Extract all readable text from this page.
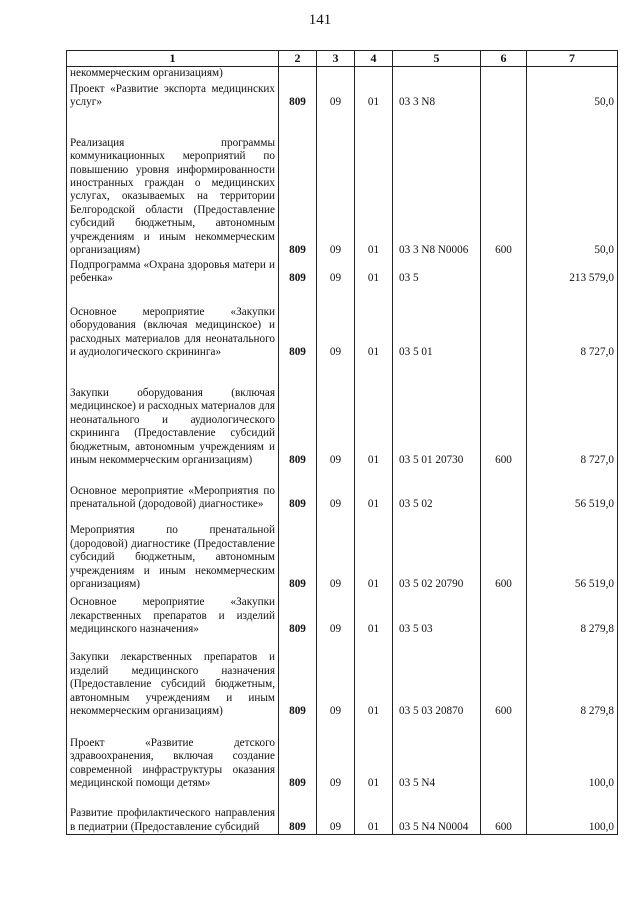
141
1	2	3	4	5	6	7
некоммерческим организациям)						
Проект «Развитие экспорта медицинских услуг»	809	09	01	03 3 N8		50,0
Реализация программы коммуникационных мероприятий по повышению уровня информированности иностранных граждан о медицинских услугах, оказываемых на территории Белгородской области (Предоставление субсидий бюджетным, автономным учреждениям и иным некоммерческим организациям)	809	09	01	03 3 N8 N0006	600	50,0
Подпрограмма «Охрана здоровья матери и ребенка»	809	09	01	03 5		213 579,0
Основное мероприятие «Закупки оборудования (включая медицинское) и расходных материалов для неонатального и аудиологического скрининга»	809	09	01	03 5 01		8 727,0
Закупки оборудования (включая медицинское) и расходных материалов для неонатального и аудиологического скрининга (Предоставление субсидий бюджетным, автономным учреждениям и иным некоммерческим организациям)	809	09	01	03 5 01 20730	600	8 727,0
Основное мероприятие «Мероприятия по пренатальной (дородовой) диагностике»	809	09	01	03 5 02		56 519,0
Мероприятия по пренатальной (дородовой) диагностике (Предоставление субсидий бюджетным, автономным учреждениям и иным некоммерческим организациям)	809	09	01	03 5 02 20790	600	56 519,0
Основное мероприятие «Закупки лекарственных препаратов и изделий медицинского назначения»	809	09	01	03 5 03		8 279,8
Закупки лекарственных препаратов и изделий медицинского назначения (Предоставление субсидий бюджетным, автономным учреждениям и иным некоммерческим организациям)	809	09	01	03 5 03 20870	600	8 279,8
Проект «Развитие детского здравоохранения, включая создание современной инфраструктуры оказания медицинской помощи детям»	809	09	01	03 5 N4		100,0
Развитие профилактического направления в педиатрии (Предоставление субсидий	809	09	01	03 5 N4 N0004	600	100,0
